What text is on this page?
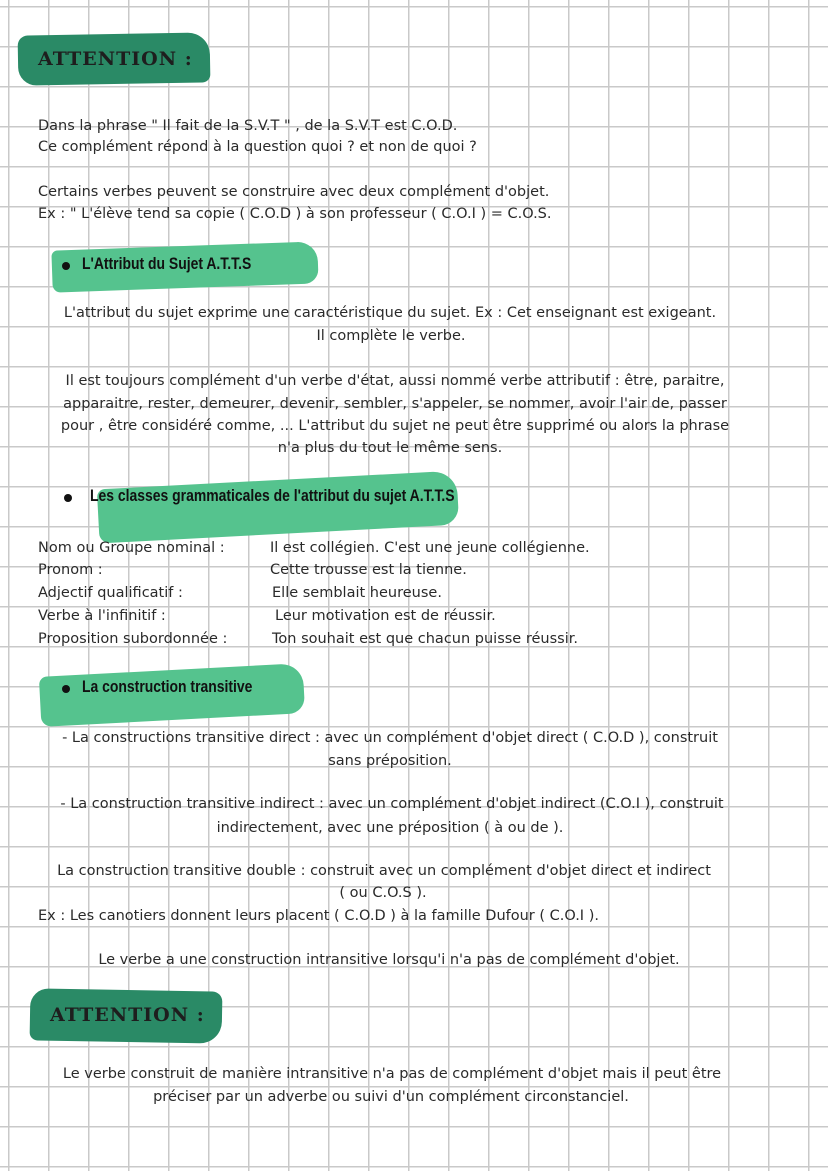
ATTENTION :
Dans la phrase " Il fait de la S.V.T " , de la S.V.T est C.O.D.
Ce complément répond à la question quoi ? et non de quoi ?
Certains verbes peuvent se construire avec deux complément d'objet.
Ex : " L'élève tend sa copie ( C.O.D ) à son professeur ( C.O.I ) = C.O.S.
L'Attribut du Sujet A.T.T.S
L'attribut du sujet exprime une caractéristique du sujet. Ex : Cet enseignant est exigeant.
Il complète le verbe.
Il est toujours complément d'un verbe d'état, aussi nommé verbe attributif : être, paraitre,
apparaitre, rester, demeurer, devenir, sembler, s'appeler, se nommer, avoir l'air de, passer
pour , être considéré comme, ... L'attribut du sujet ne peut être supprimé ou alors la phrase
n'a plus du tout le même sens.
Les classes grammaticales de l'attribut du sujet A.T.T.S
Nom ou Groupe nominal :	Il est collégien. C'est une jeune collégienne.
Pronom :	Cette trousse est la tienne.
Adjectif qualificatif :	Elle semblait heureuse.
Verbe à l'infinitif :	Leur motivation est de réussir.
Proposition subordonnée :	Ton souhait est que chacun puisse réussir.
La construction transitive
- La constructions transitive direct : avec un complément d'objet direct ( C.O.D ), construit
sans préposition.
- La construction transitive indirect : avec un complément d'objet indirect (C.O.I ), construit
indirectement, avec une préposition ( à ou de ).
La construction transitive double : construit avec un complément d'objet direct et indirect
( ou C.O.S ).
Ex : Les canotiers donnent leurs placent ( C.O.D ) à la famille Dufour ( C.O.I ).
Le verbe a une construction intransitive lorsqu'i n'a pas de complément d'objet.
ATTENTION :
Le verbe construit de manière intransitive n'a pas de complément d'objet mais il peut être
préciser par un adverbe ou suivi d'un complément circonstanciel.
